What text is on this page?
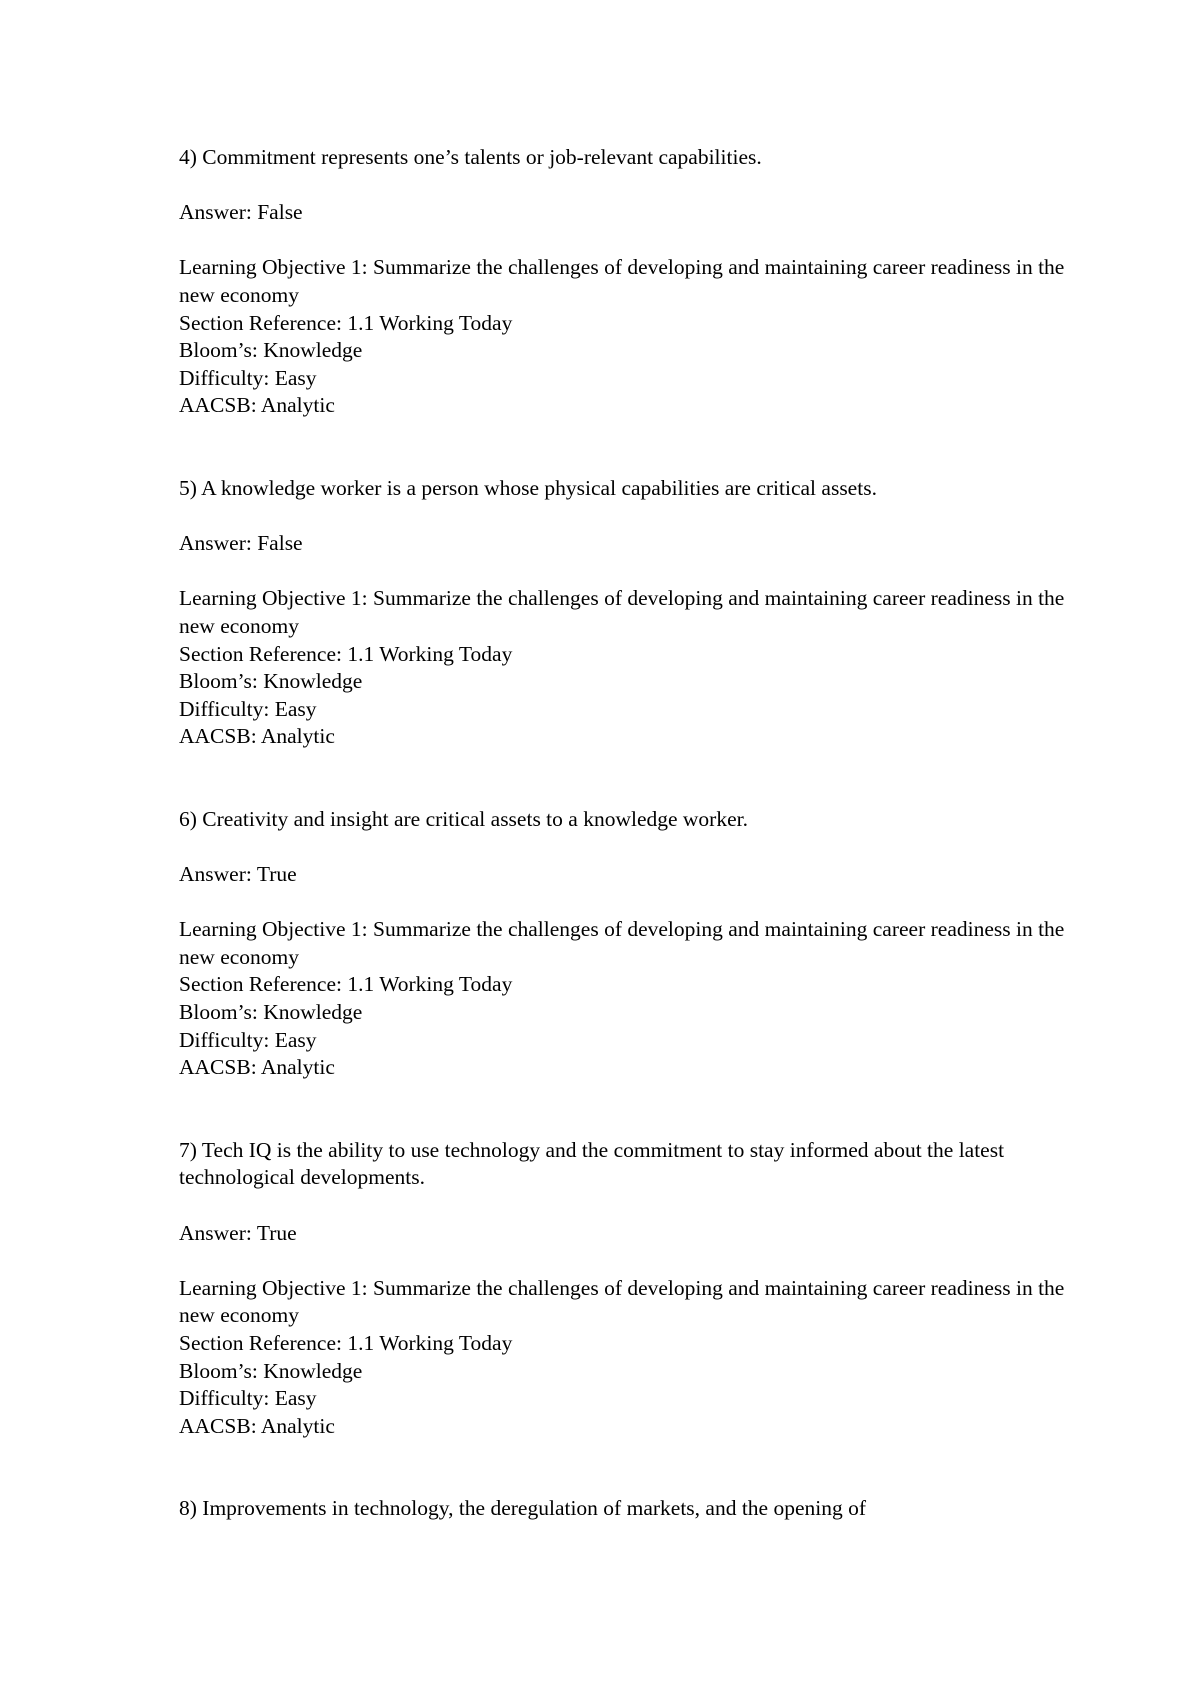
4) Commitment represents one’s talents or job-relevant capabilities.

Answer: False

Learning Objective 1: Summarize the challenges of developing and maintaining career readiness in the new economy

Section Reference: 1.1 Working Today

Bloom’s: Knowledge

Difficulty: Easy

AACSB: Analytic

5) A knowledge worker is a person whose physical capabilities are critical assets.

Answer: False

Learning Objective 1: Summarize the challenges of developing and maintaining career readiness in the new economy

Section Reference: 1.1 Working Today

Bloom’s: Knowledge

Difficulty: Easy

AACSB: Analytic

6) Creativity and insight are critical assets to a knowledge worker.

Answer: True

Learning Objective 1: Summarize the challenges of developing and maintaining career readiness in the new economy

Section Reference: 1.1 Working Today

Bloom’s: Knowledge

Difficulty: Easy

AACSB: Analytic

7) Tech IQ is the ability to use technology and the commitment to stay informed about the latest technological developments.

Answer: True

Learning Objective 1: Summarize the challenges of developing and maintaining career readiness in the new economy

Section Reference: 1.1 Working Today

Bloom’s: Knowledge

Difficulty: Easy

AACSB: Analytic

8) Improvements in technology, the deregulation of markets, and the opening of
